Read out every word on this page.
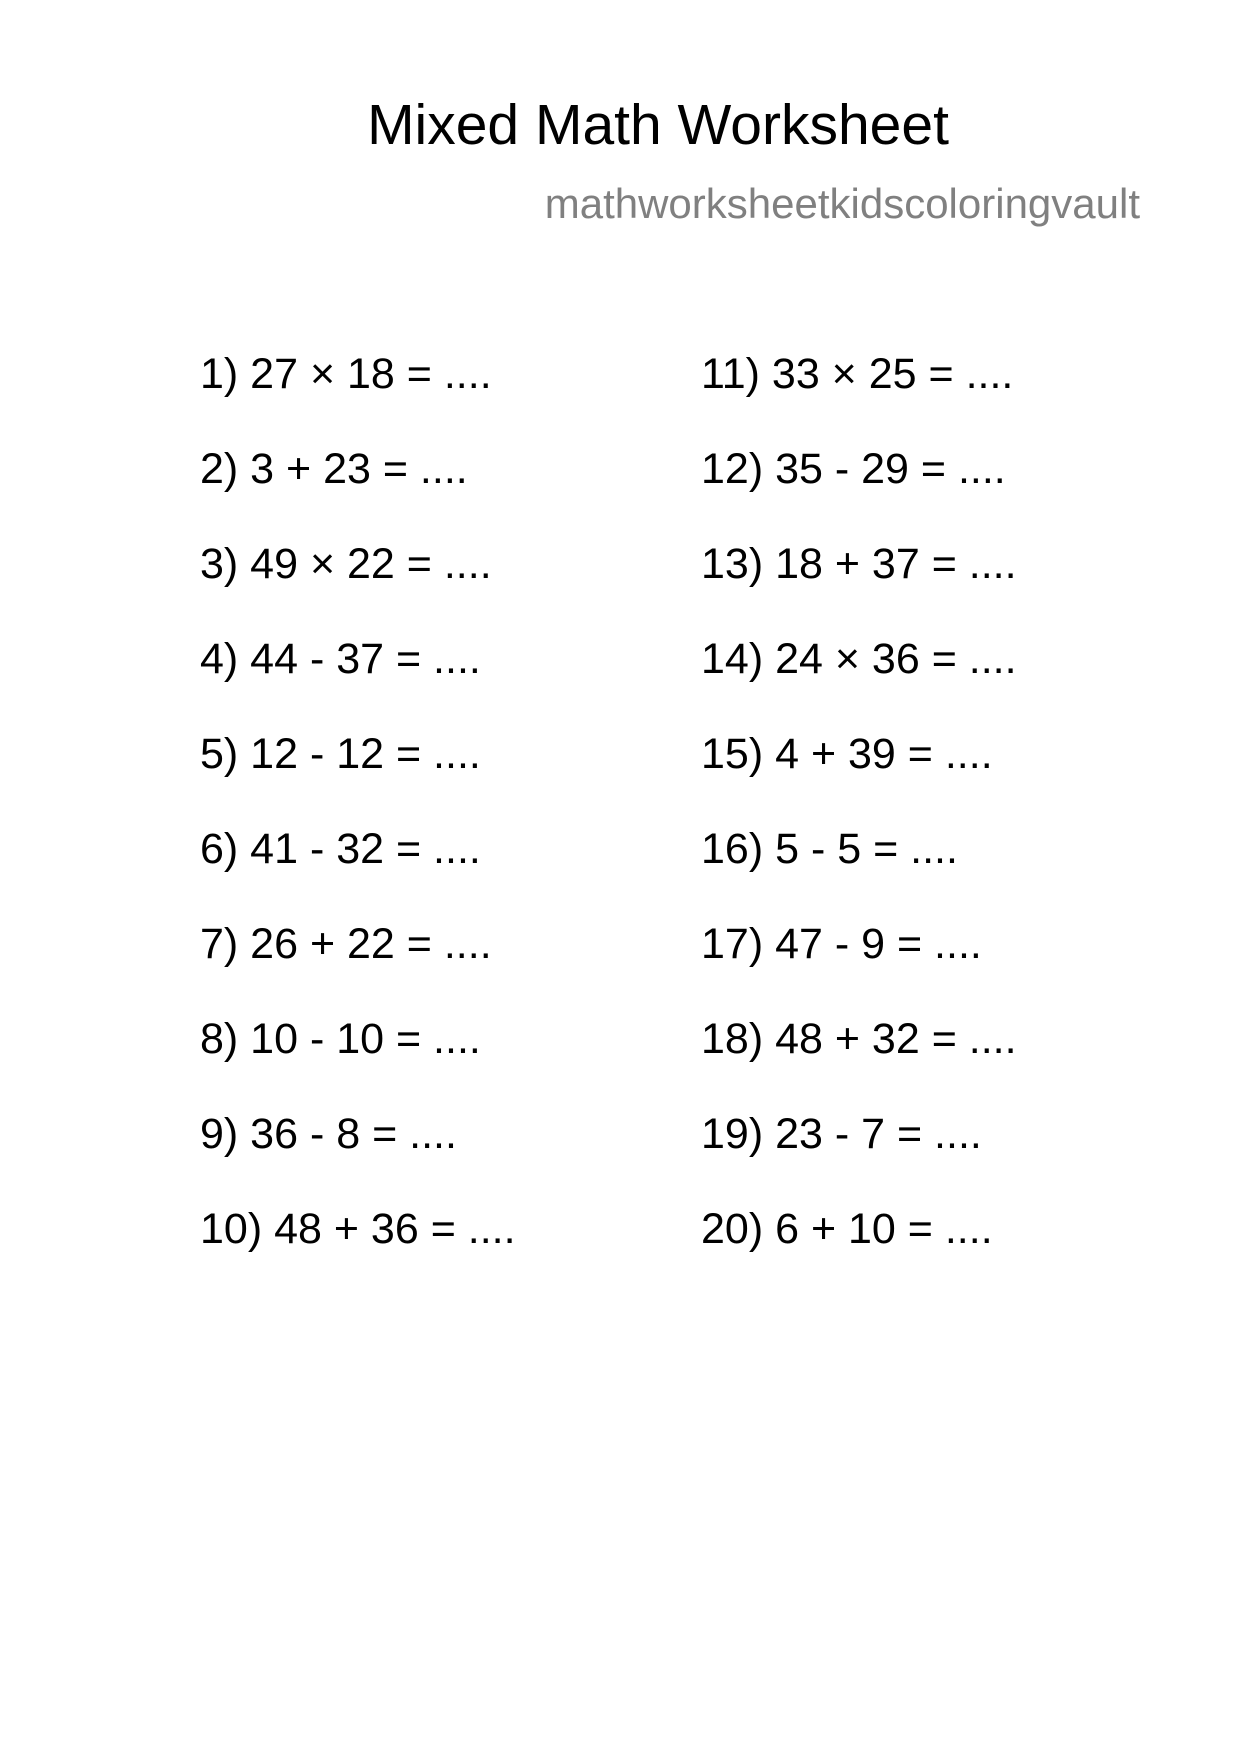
Mixed Math Worksheet
mathworksheetkidscoloringvault
1) 27 × 18 = ....
2) 3 + 23 = ....
3) 49 × 22 = ....
4) 44 - 37 = ....
5) 12 - 12 = ....
6) 41 - 32 = ....
7) 26 + 22 = ....
8) 10 - 10 = ....
9) 36 - 8 = ....
10) 48 + 36 = ....
11) 33 × 25 = ....
12) 35 - 29 = ....
13) 18 + 37 = ....
14) 24 × 36 = ....
15) 4 + 39 = ....
16) 5 - 5 = ....
17) 47 - 9 = ....
18) 48 + 32 = ....
19) 23 - 7 = ....
20) 6 + 10 = ....
